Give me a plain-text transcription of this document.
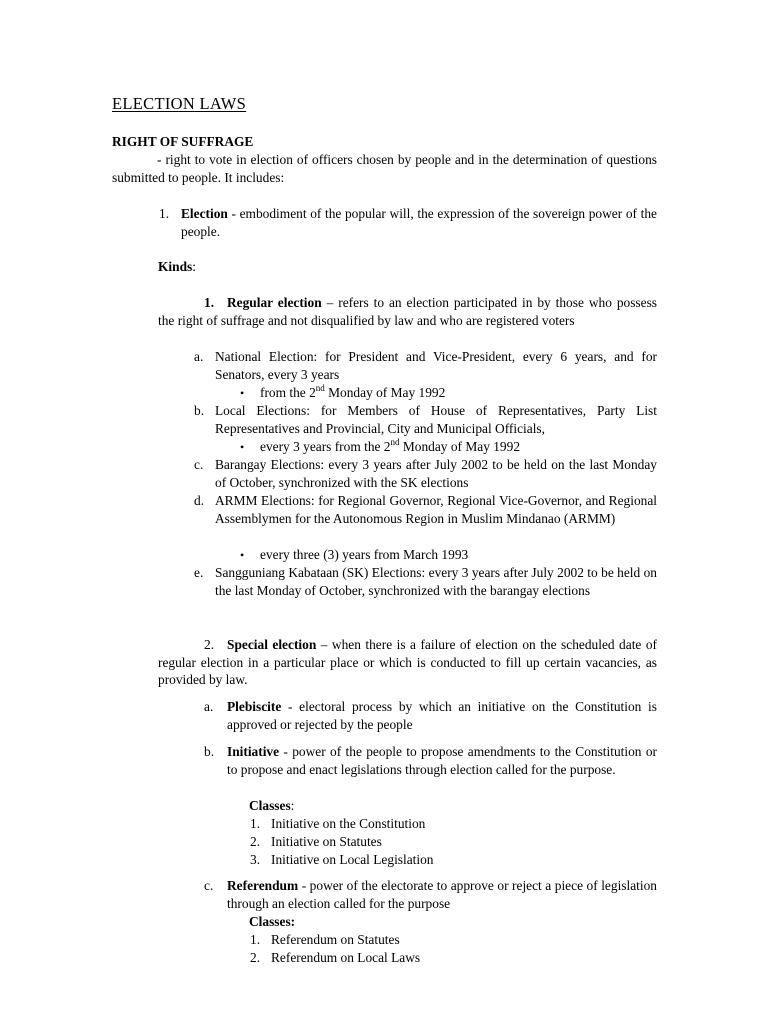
ELECTION LAWS
RIGHT OF SUFFRAGE

- right to vote in election of officers chosen by people and in the determination of questions submitted to people. It includes:

1. Election - embodiment of the popular will, the expression of the sovereign power of the people.

Kinds:
1. Regular election – refers to an election participated in by those who possess the right of suffrage and not disqualified by law and who are registered voters

a. National Election: for President and Vice-President, every 6 years, and for Senators, every 3 years

• from the 2nd Monday of May 1992
b. Local Elections: for Members of House of Representatives, Party List Representatives and Provincial, City and Municipal Officials,

• every 3 years from the 2nd Monday of May 1992
c. Barangay Elections: every 3 years after July 2002 to be held on the last Monday of October, synchronized with the SK elections

d. ARMM Elections: for Regional Governor, Regional Vice-Governor, and Regional Assemblymen for the Autonomous Region in Muslim Mindanao (ARMM)

• every three (3) years from March 1993
e. Sangguniang Kabataan (SK) Elections: every 3 years after July 2002 to be held on the last Monday of October, synchronized with the barangay elections

2. Special election – when there is a failure of election on the scheduled date of regular election in a particular place or which is conducted to fill up certain vacancies, as provided by law.

a. Plebiscite - electoral process by which an initiative on the Constitution is approved or rejected by the people

b. Initiative - power of the people to propose amendments to the Constitution or to propose and enact legislations through election called for the purpose.

Classes:
1. Initiative on the Constitution
2. Initiative on Statutes
3. Initiative on Local Legislation
c. Referendum - power of the electorate to approve or reject a piece of legislation through an election called for the purpose

Classes:
1. Referendum on Statutes
2. Referendum on Local Laws
